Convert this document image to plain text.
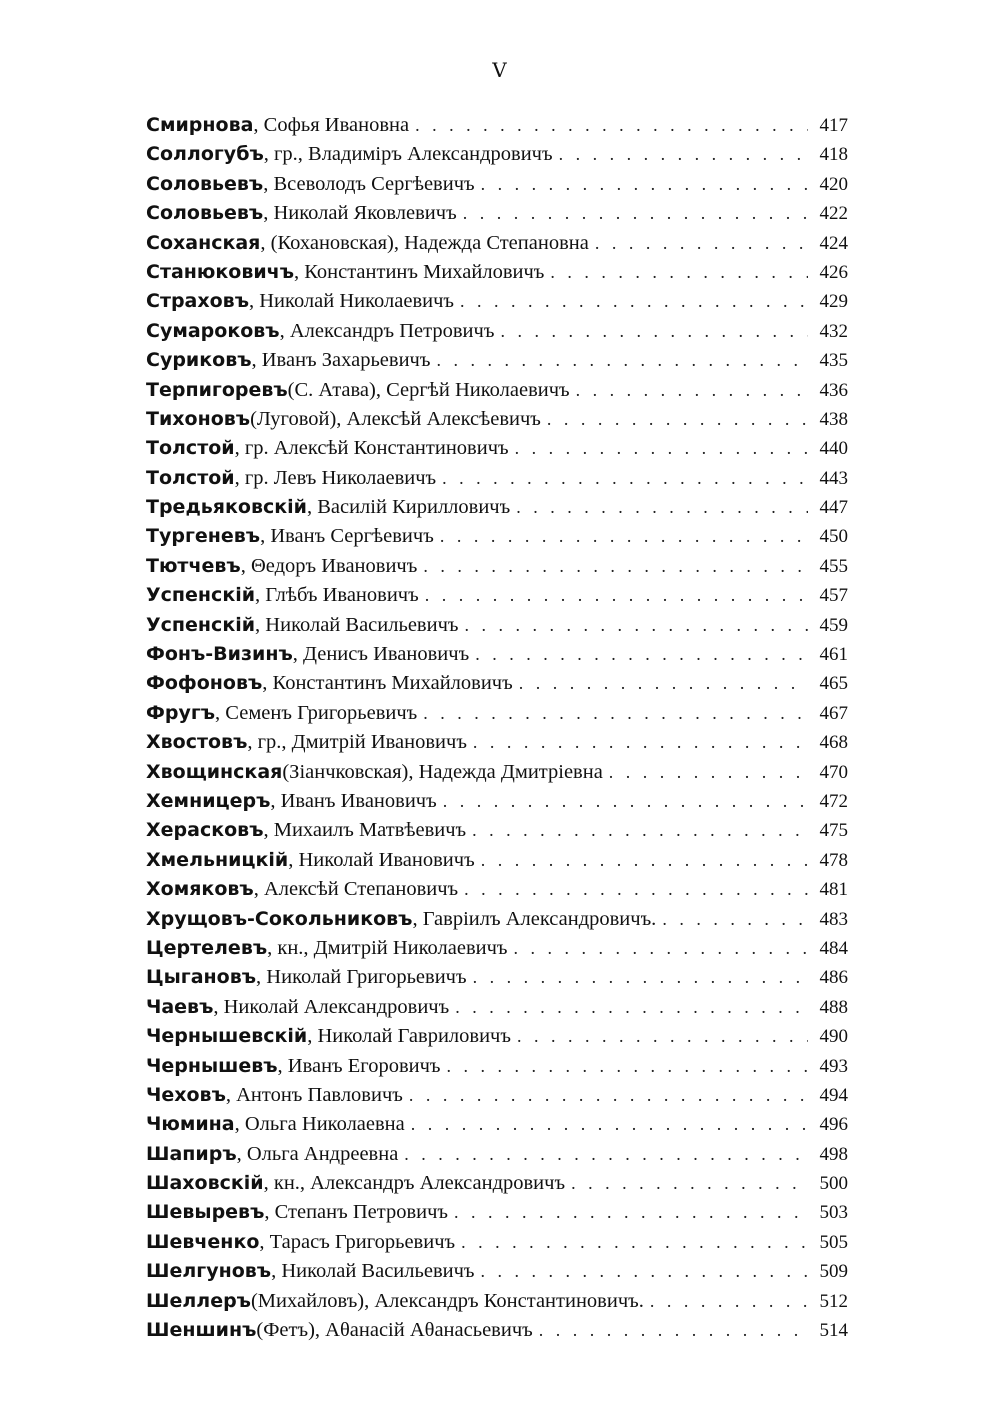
V
Смирнова , Софья Ивановна . . .	417
Соллогубъ , гр., Владиміръ Александровичъ . . .	418
Соловьевъ , Всеволодъ Сергѣевичъ . . .	420
Соловьевъ , Николай Яковлевичъ . . .	422
Соханская , (Кохановская), Надежда Степановна . . .	424
Станюковичъ , Константинъ Михайловичъ . . .	426
Страховъ , Николай Николаевичъ . . .	429
Сумароковъ , Александръ Петровичъ . . .	432
Суриковъ , Иванъ Захарьевичъ . . .	435
Терпигоревъ (С. Атава), Сергѣй Николаевичъ . . .	436
Тихоновъ (Луговой), Алексѣй Алексѣевичъ . . .	438
Толстой , гр. Алексѣй Константиновичъ . . .	440
Толстой , гр. Левъ Николаевичъ . . .	443
Тредьяковскій , Василій Кирилловичъ . . .	447
Тургеневъ , Иванъ Сергѣевичъ . . .	450
Тютчевъ , Θедоръ Ивановичъ . . .	455
Успенскій , Глѣбъ Ивановичъ . . .	457
Успенскій , Николай Васильевичъ . . .	459
Фонъ-Визинъ , Денисъ Ивановичъ . . .	461
Фофоновъ , Константинъ Михайловичъ . . .	465
Фругъ , Семенъ Григорьевичъ . . .	467
Хвостовъ , гр., Дмитрій Ивановичъ . . .	468
Хвощинская (Зіанчковская), Надежда Дмитріевна . . .	470
Хемницеръ , Иванъ Ивановичъ . . .	472
Херасковъ , Михаилъ Матвѣевичъ . . .	475
Хмельницкій , Николай Ивановичъ . . .	478
Хомяковъ , Алексѣй Степановичъ . . .	481
Хрущовъ-Сокольниковъ , Гавріилъ Александровичъ. . . .	483
Цертелевъ , кн., Дмитрій Николаевичъ . . .	484
Цыгановъ , Николай Григорьевичъ . . .	486
Чаевъ , Николай Александровичъ . . .	488
Чернышевскій , Николай Гавриловичъ . . .	490
Чернышевъ , Иванъ Егоровичъ . . .	493
Чеховъ , Антонъ Павловичъ . . .	494
Чюмина , Ольга Николаевна . . .	496
Шапиръ , Ольга Андреевна . . .	498
Шаховскій , кн., Александръ Александровичъ . . .	500
Шевыревъ , Степанъ Петровичъ . . .	503
Шевченко , Тарасъ Григорьевичъ . . .	505
Шелгуновъ , Николай Васильевичъ . . .	509
Шеллеръ (Михайловъ), Александръ Константиновичъ. . . .	512
Шеншинъ (Фетъ), Аθанасій Аθанасьевичъ . . .	514
